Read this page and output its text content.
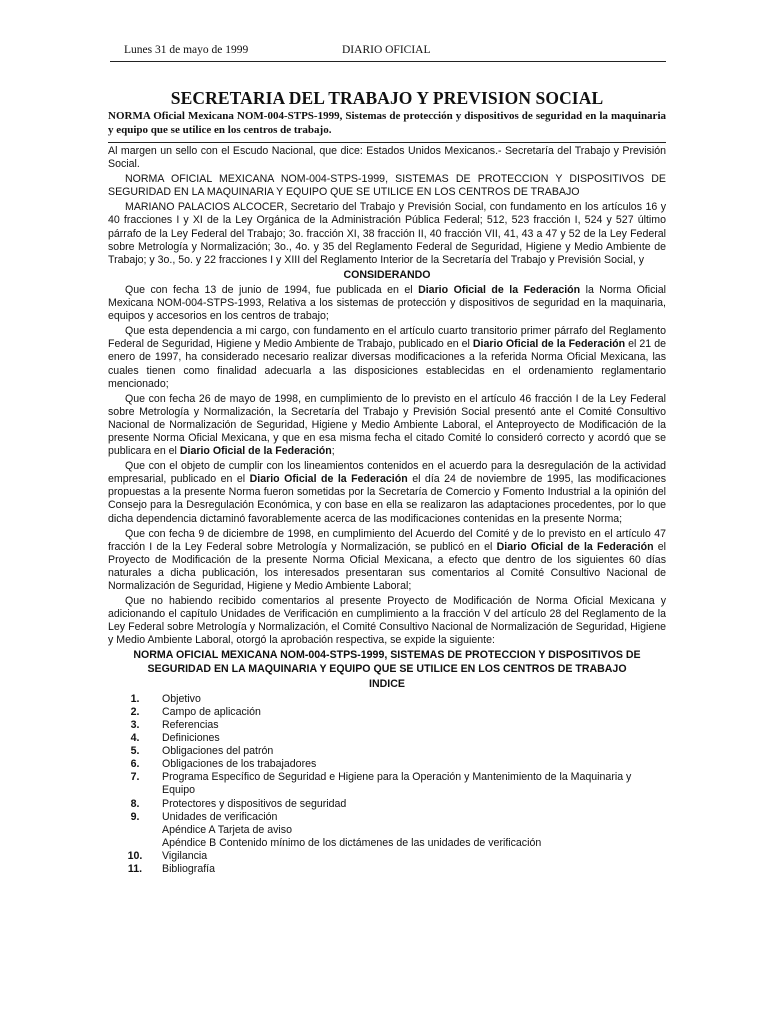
Lunes 31 de mayo de 1999	DIARIO OFICIAL
SECRETARIA DEL TRABAJO Y PREVISION SOCIAL

NORMA Oficial Mexicana NOM-004-STPS-1999, Sistemas de protección y dispositivos de seguridad en la maquinaria y equipo que se utilice en los centros de trabajo.

Al margen un sello con el Escudo Nacional, que dice: Estados Unidos Mexicanos.- Secretaría del Trabajo y Previsión Social.

NORMA OFICIAL MEXICANA NOM-004-STPS-1999, SISTEMAS DE PROTECCION Y DISPOSITIVOS DE SEGURIDAD EN LA MAQUINARIA Y EQUIPO QUE SE UTILICE EN LOS CENTROS DE TRABAJO

MARIANO PALACIOS ALCOCER, Secretario del Trabajo y Previsión Social, con fundamento en los artículos 16 y 40 fracciones I y XI de la Ley Orgánica de la Administración Pública Federal; 512, 523 fracción I, 524 y 527 último párrafo de la Ley Federal del Trabajo; 3o. fracción XI, 38 fracción II, 40 fracción VII, 41, 43 a 47 y 52 de la Ley Federal sobre Metrología y Normalización; 3o., 4o. y 35 del Reglamento Federal de Seguridad, Higiene y Medio Ambiente de Trabajo; y 3o., 5o. y 22 fracciones I y XIII del Reglamento Interior de la Secretaría del Trabajo y Previsión Social, y

CONSIDERANDO

Que con fecha 13 de junio de 1994, fue publicada en el Diario Oficial de la Federación la Norma Oficial Mexicana NOM-004-STPS-1993, Relativa a los sistemas de protección y dispositivos de seguridad en la maquinaria, equipos y accesorios en los centros de trabajo;

Que esta dependencia a mi cargo, con fundamento en el artículo cuarto transitorio primer párrafo del Reglamento Federal de Seguridad, Higiene y Medio Ambiente de Trabajo, publicado en el Diario Oficial de la Federación el 21 de enero de 1997, ha considerado necesario realizar diversas modificaciones a la referida Norma Oficial Mexicana, las cuales tienen como finalidad adecuarla a las disposiciones establecidas en el ordenamiento reglamentario mencionado;

Que con fecha 26 de mayo de 1998, en cumplimiento de lo previsto en el artículo 46 fracción I de la Ley Federal sobre Metrología y Normalización, la Secretaría del Trabajo y Previsión Social presentó ante el Comité Consultivo Nacional de Normalización de Seguridad, Higiene y Medio Ambiente Laboral, el Anteproyecto de Modificación de la presente Norma Oficial Mexicana, y que en esa misma fecha el citado Comité lo consideró correcto y acordó que se publicara en el Diario Oficial de la Federación;

Que con el objeto de cumplir con los lineamientos contenidos en el acuerdo para la desregulación de la actividad empresarial, publicado en el Diario Oficial de la Federación el día 24 de noviembre de 1995, las modificaciones propuestas a la presente Norma fueron sometidas por la Secretaría de Comercio y Fomento Industrial a la opinión del Consejo para la Desregulación Económica, y con base en ella se realizaron las adaptaciones procedentes, por lo que dicha dependencia dictaminó favorablemente acerca de las modificaciones contenidas en la presente Norma;

Que con fecha 9 de diciembre de 1998, en cumplimiento del Acuerdo del Comité y de lo previsto en el artículo 47 fracción I de la Ley Federal sobre Metrología y Normalización, se publicó en el Diario Oficial de la Federación el Proyecto de Modificación de la presente Norma Oficial Mexicana, a efecto que dentro de los siguientes 60 días naturales a dicha publicación, los interesados presentaran sus comentarios al Comité Consultivo Nacional de Normalización de Seguridad, Higiene y Medio Ambiente Laboral;

Que no habiendo recibido comentarios al presente Proyecto de Modificación de Norma Oficial Mexicana y adicionando el capítulo Unidades de Verificación en cumplimiento a la fracción V del artículo 28 del Reglamento de la Ley Federal sobre Metrología y Normalización, el Comité Consultivo Nacional de Normalización de Seguridad, Higiene y Medio Ambiente Laboral, otorgó la aprobación respectiva, se expide la siguiente:

NORMA OFICIAL MEXICANA NOM-004-STPS-1999, SISTEMAS DE PROTECCION Y DISPOSITIVOS DE SEGURIDAD EN LA MAQUINARIA Y EQUIPO QUE SE UTILICE EN LOS CENTROS DE TRABAJO

INDICE

1.	Objetivo
2.	Campo de aplicación
3.	Referencias
4.	Definiciones
5.	Obligaciones del patrón
6.	Obligaciones de los trabajadores
7.	Programa Específico de Seguridad e Higiene para la Operación y Mantenimiento de la Maquinaria y Equipo
8.	Protectores y dispositivos de seguridad
9.	Unidades de verificación
Apéndice A Tarjeta de aviso
Apéndice B Contenido mínimo de los dictámenes de las unidades de verificación
10.	Vigilancia
11.	Bibliografía
